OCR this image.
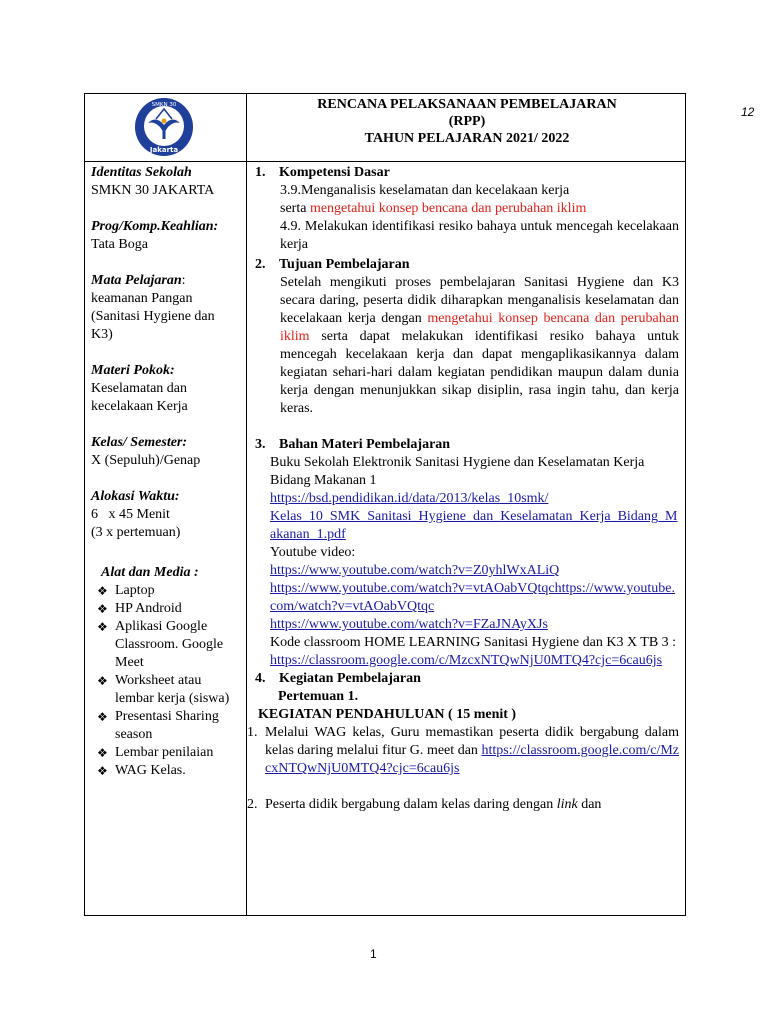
12
SMKN 30
Jakarta
RENCANA PELAKSANAAN PEMBELAJARAN
(RPP)
TAHUN PELAJARAN 2021/ 2022
Identitas Sekolah
SMKN 30 JAKARTA
Prog/Komp.Keahlian:
Tata Boga
Mata Pelajaran:
keamanan Pangan
(Sanitasi Hygiene dan
K3)
Materi Pokok:
Keselamatan dan
kecelakaan Kerja
Kelas/ Semester:
X (Sepuluh)/Genap
Alokasi Waktu:
6   x 45 Menit
(3 x pertemuan)
Alat dan Media :
❖ Laptop
❖ HP Android
❖ Aplikasi Google Classroom. Google Meet
❖ Worksheet atau lembar kerja (siswa)
❖ Presentasi Sharing season
❖ Lembar penilaian
❖ WAG Kelas.
1. Kompetensi Dasar
3.9.Menganalisis keselamatan dan kecelakaan kerja
serta mengetahui konsep bencana dan perubahan iklim
4.9. Melakukan identifikasi resiko bahaya untuk mencegah kecelakaan kerja
2. Tujuan Pembelajaran
Setelah mengikuti proses pembelajaran Sanitasi Hygiene dan K3 secara daring, peserta didik diharapkan menganalisis keselamatan dan kecelakaan kerja dengan mengetahui konsep bencana dan perubahan iklim serta dapat melakukan identifikasi resiko bahaya untuk mencegah kecelakaan kerja dan dapat mengaplikasikannya dalam kegiatan sehari-hari dalam kegiatan pendidikan maupun dalam dunia kerja dengan menunjukkan sikap disiplin, rasa ingin tahu, dan kerja keras.
3. Bahan Materi Pembelajaran
Buku Sekolah Elektronik Sanitasi Hygiene dan Keselamatan Kerja Bidang Makanan 1
https://bsd.pendidikan.id/data/2013/kelas_10smk/
Kelas_10_SMK_Sanitasi_Hygiene_dan_Keselamatan_Kerja_Bidang_Makanan_1.pdf
Youtube video:
https://www.youtube.com/watch?v=Z0yhlWxALiQ
https://www.youtube.com/watch?v=vtAOabVQtqchttps://www.youtube.com/watch?v=vtAOabVQtqc
https://www.youtube.com/watch?v=FZaJNAyXJs
Kode classroom HOME LEARNING Sanitasi Hygiene dan K3 X TB 3 :
https://classroom.google.com/c/MzcxNTQwNjU0MTQ4?cjc=6cau6js
4. Kegiatan Pembelajaran
Pertemuan 1.
KEGIATAN PENDAHULUAN ( 15 menit )
1. Melalui WAG kelas, Guru memastikan peserta didik bergabung dalam kelas daring melalui fitur G. meet dan https://classroom.google.com/c/MzcxNTQwNjU0MTQ4?cjc=6cau6js
2. Peserta didik bergabung dalam kelas daring dengan link dan
1
